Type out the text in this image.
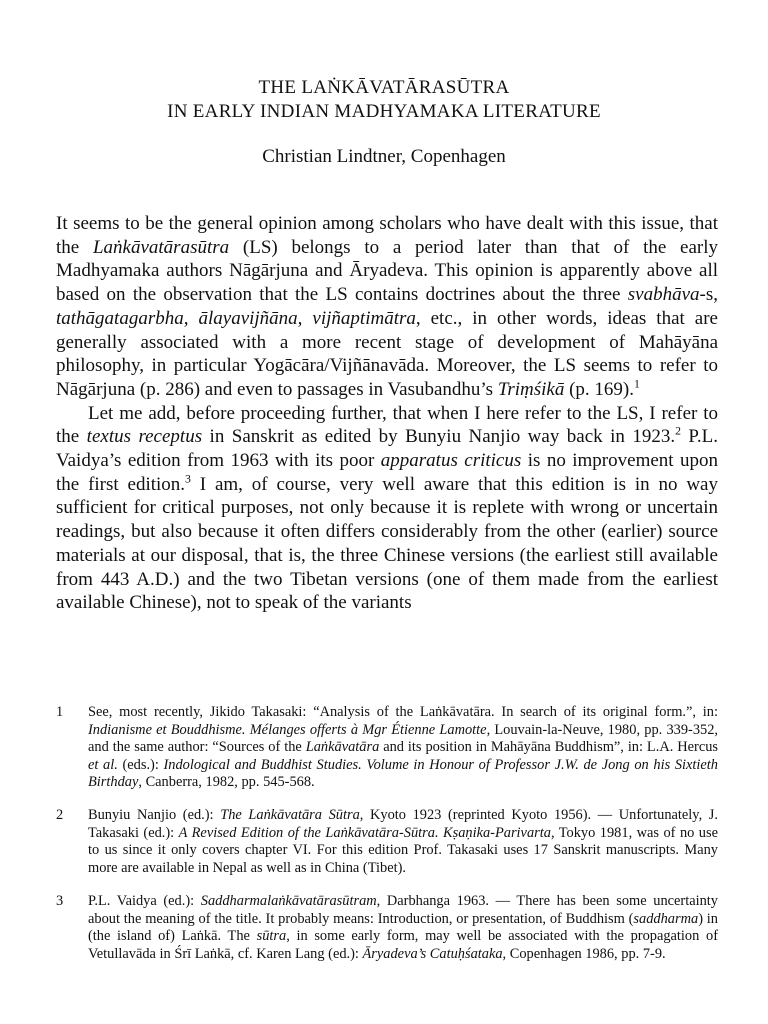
THE LAṄKĀVATĀRASŪTRA
IN EARLY INDIAN MADHYAMAKA LITERATURE
Christian Lindtner, Copenhagen

It seems to be the general opinion among scholars who have dealt with this issue, that the Laṅkāvatārasūtra (LS) belongs to a period later than that of the early Madhyamaka authors Nāgārjuna and Āryadeva. This opinion is apparently above all based on the observation that the LS contains doctrines about the three svabhāva-s, tathāgatagarbha, ālayavijñāna, vijñaptimātra, etc., in other words, ideas that are generally associated with a more recent stage of development of Mahāyāna philosophy, in particular Yogācāra/Vijñānavāda. Moreover, the LS seems to refer to Nāgārjuna (p. 286) and even to passages in Vasubandhu’s Triṃśikā (p. 169).$^1$

Let me add, before proceeding further, that when I here refer to the LS, I refer to the textus receptus in Sanskrit as edited by Bunyiu Nanjio way back in 1923.$^2$ P.L. Vaidya’s edition from 1963 with its poor apparatus criticus is no improvement upon the first edition.$^3$ I am, of course, very well aware that this edition is in no way sufficient for critical purposes, not only because it is replete with wrong or uncertain readings, but also because it often differs considerably from the other (earlier) source materials at our disposal, that is, the three Chinese versions (the earliest still available from 443 A.D.) and the two Tibetan versions (one of them made from the earliest available Chinese), not to speak of the variants

1 See, most recently, Jikido Takasaki: “Analysis of the Laṅkāvatāra. In search of its original form.”, in: Indianisme et Bouddhisme. Mélanges offerts à Mgr Étienne Lamotte, Louvain-la-Neuve, 1980, pp. 339-352, and the same author: “Sources of the Laṅkāvatāra and its position in Mahāyāna Buddhism”, in: L.A. Hercus et al. (eds.): Indological and Buddhist Studies. Volume in Honour of Professor J.W. de Jong on his Sixtieth Birthday, Canberra, 1982, pp. 545-568.
2 Bunyiu Nanjio (ed.): The Laṅkāvatāra Sūtra, Kyoto 1923 (reprinted Kyoto 1956). — Unfortunately, J. Takasaki (ed.): A Revised Edition of the Laṅkāvatāra-Sūtra. Kṣaṇika-Parivarta, Tokyo 1981, was of no use to us since it only covers chapter VI. For this edition Prof. Takasaki uses 17 Sanskrit manuscripts. Many more are available in Nepal as well as in China (Tibet).
3 P.L. Vaidya (ed.): Saddharmalaṅkāvatārasūtram, Darbhanga 1963. — There has been some uncertainty about the meaning of the title. It probably means: Introduction, or presentation, of Buddhism (saddharma) in (the island of) Laṅkā. The sūtra, in some early form, may well be associated with the propagation of Vetullavāda in Śrī Laṅkā, cf. Karen Lang (ed.): Āryadeva’s Catuḥśataka, Copenhagen 1986, pp. 7-9.
